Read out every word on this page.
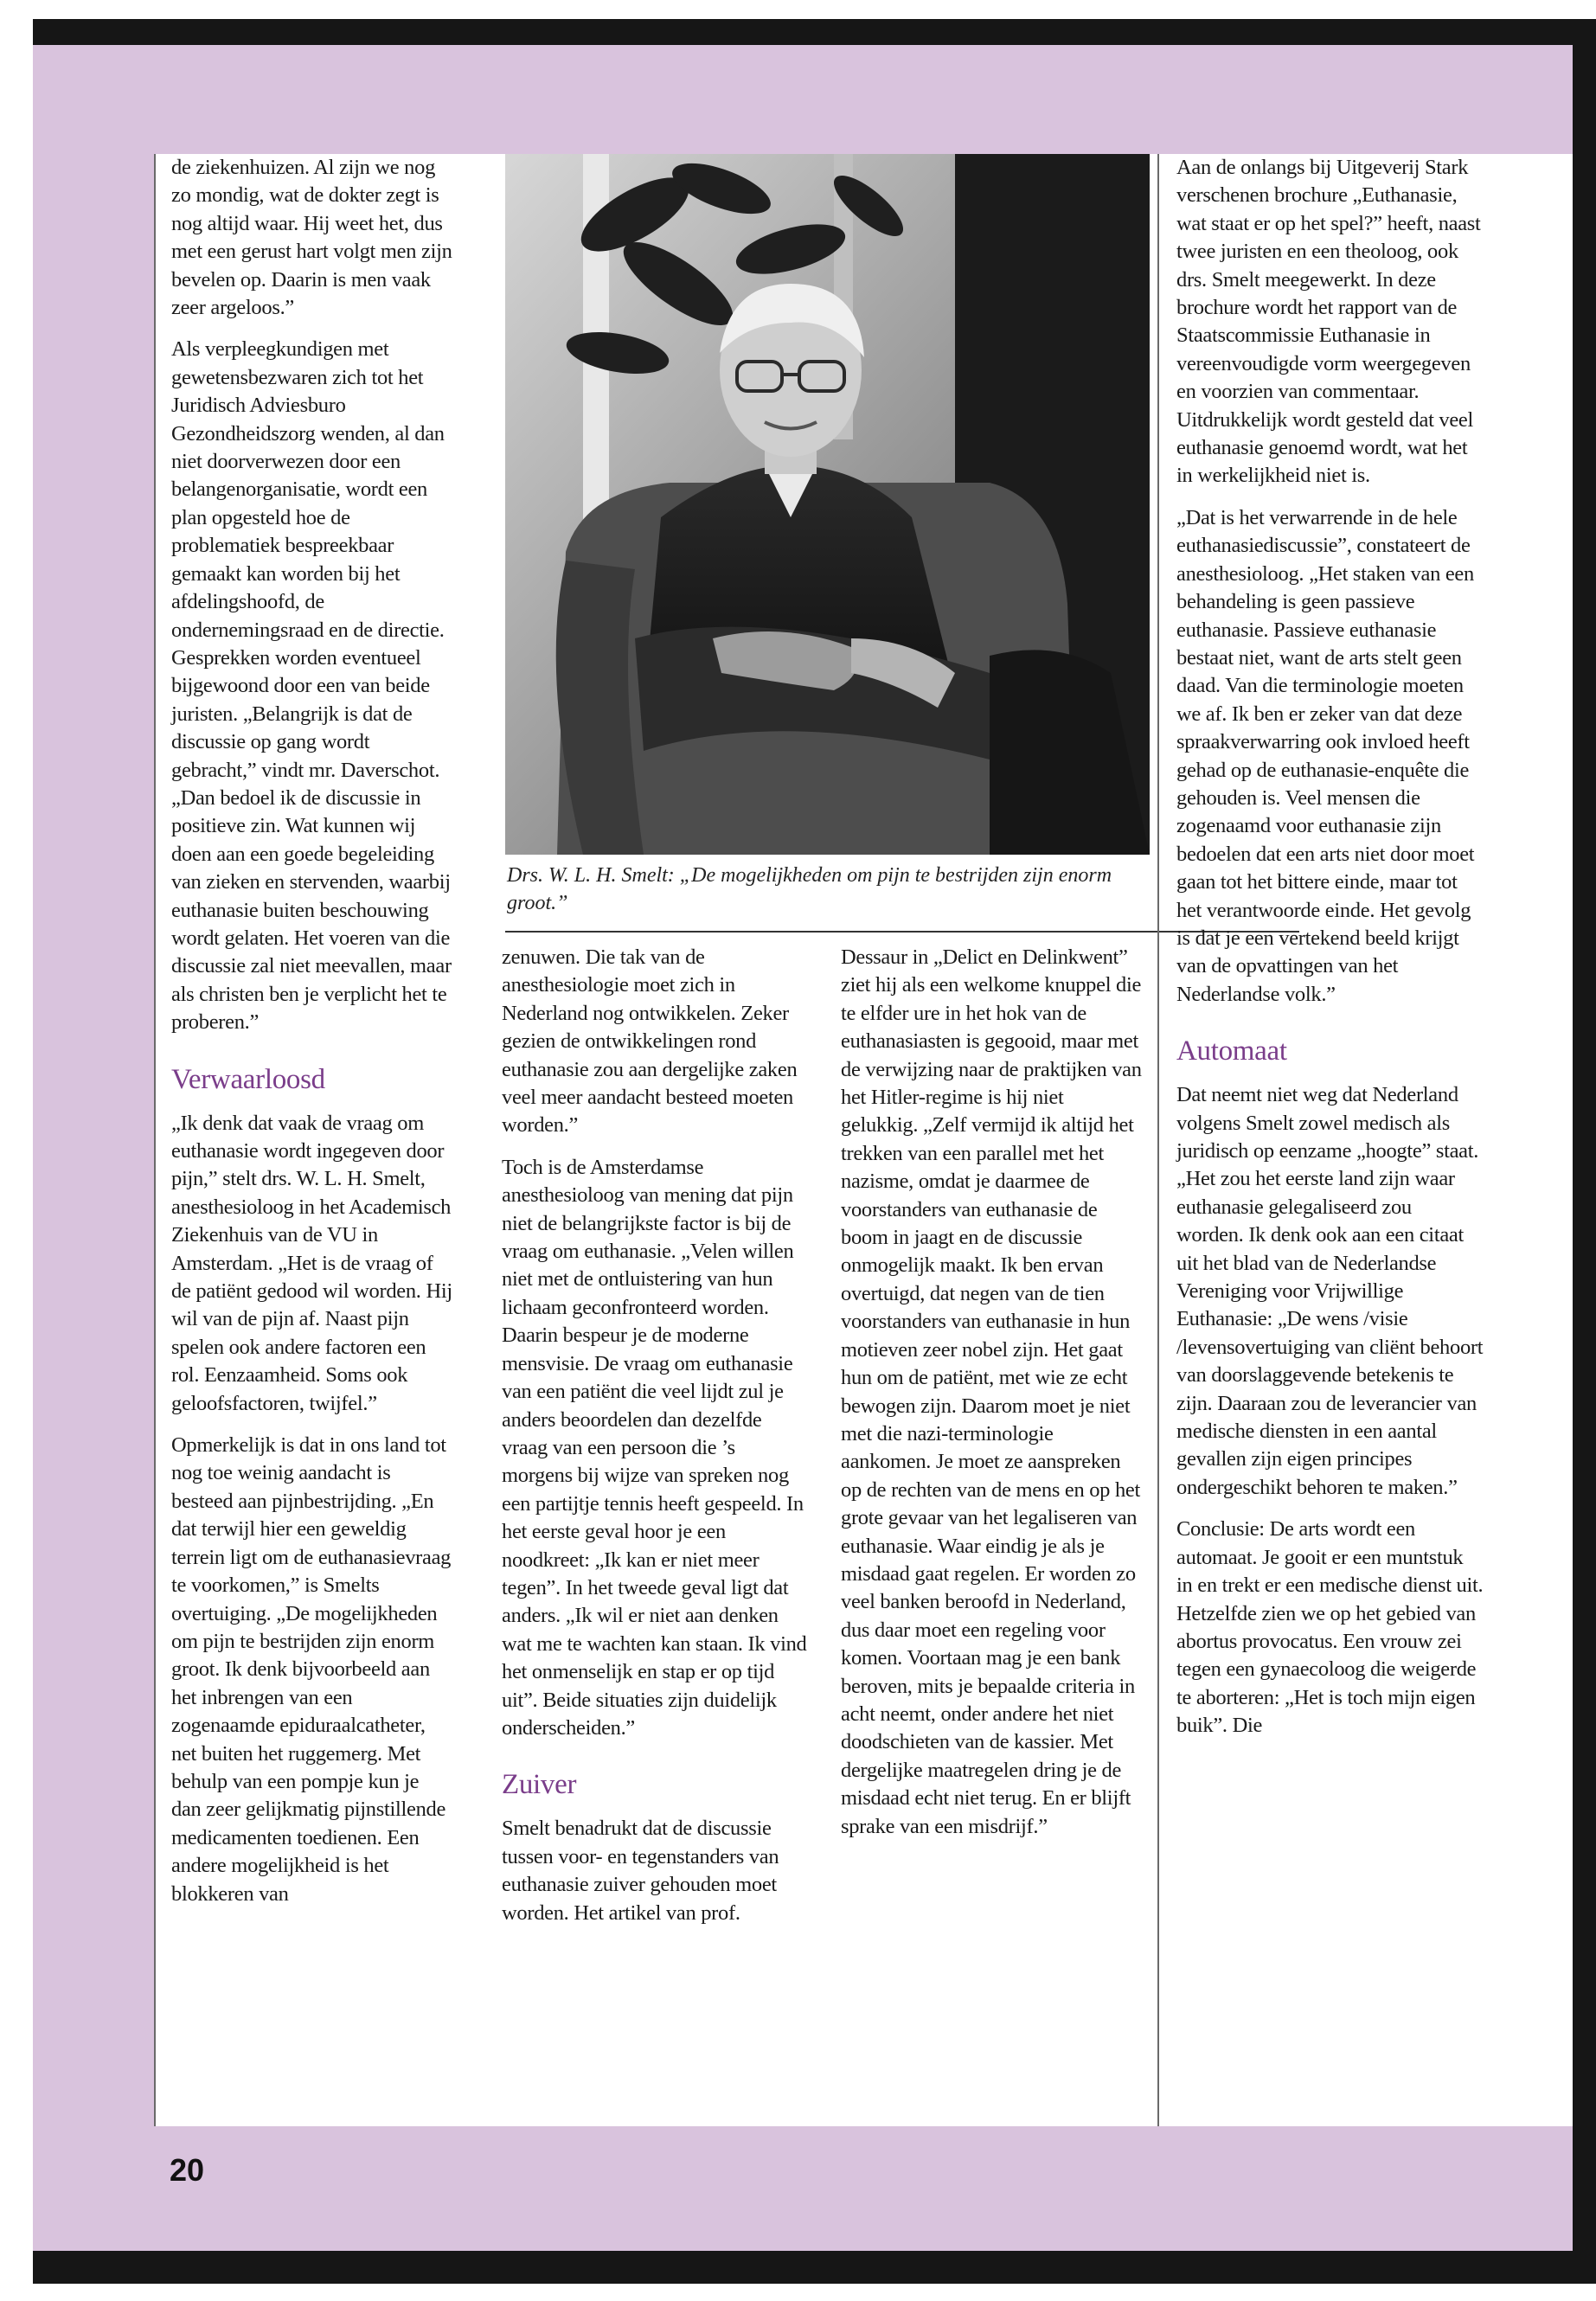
de ziekenhuizen. Al zijn we nog zo mondig, wat de dokter zegt is nog altijd waar. Hij weet het, dus met een gerust hart volgt men zijn bevelen op. Daarin is men vaak zeer argeloos.”

Als verpleegkundigen met gewetensbezwaren zich tot het Juridisch Adviesburo Gezondheidszorg wenden, al dan niet doorverwezen door een belangenorganisatie, wordt een plan opgesteld hoe de problematiek bespreekbaar gemaakt kan worden bij het afdelingshoofd, de ondernemingsraad en de directie. Gesprekken worden eventueel bijgewoond door een van beide juristen. „Belangrijk is dat de discussie op gang wordt gebracht,” vindt mr. Daverschot. „Dan bedoel ik de discussie in positieve zin. Wat kunnen wij doen aan een goede begeleiding van zieken en stervenden, waarbij euthanasie buiten beschouwing wordt gelaten. Het voeren van die discussie zal niet meevallen, maar als christen ben je verplicht het te proberen.”

Verwaarloosd

„Ik denk dat vaak de vraag om euthanasie wordt ingegeven door pijn,” stelt drs. W. L. H. Smelt, anesthesioloog in het Academisch Ziekenhuis van de VU in Amsterdam. „Het is de vraag of de patiënt gedood wil worden. Hij wil van de pijn af. Naast pijn spelen ook andere factoren een rol. Eenzaamheid. Soms ook geloofsfactoren, twijfel.”

Opmerkelijk is dat in ons land tot nog toe weinig aandacht is besteed aan pijnbestrijding. „En dat terwijl hier een geweldig terrein ligt om de euthanasievraag te voorkomen,” is Smelts overtuiging. „De mogelijkheden om pijn te bestrijden zijn enorm groot. Ik denk bijvoorbeeld aan het inbrengen van een zogenaamde epiduraalcatheter, net buiten het ruggemerg. Met behulp van een pompje kun je dan zeer gelijkmatig pijnstillende medicamenten toedienen. Een andere mogelijkheid is het blokkeren van

Drs. W. L. H. Smelt: „De mogelijkheden om pijn te bestrijden zijn enorm groot.”

zenuwen. Die tak van de anesthesiologie moet zich in Nederland nog ontwikkelen. Zeker gezien de ontwikkelingen rond euthanasie zou aan dergelijke zaken veel meer aandacht besteed moeten worden.”

Toch is de Amsterdamse anesthesioloog van mening dat pijn niet de belangrijkste factor is bij de vraag om euthanasie. „Velen willen niet met de ontluistering van hun lichaam geconfronteerd worden. Daarin bespeur je de moderne mensvisie. De vraag om euthanasie van een patiënt die veel lijdt zul je anders beoordelen dan dezelfde vraag van een persoon die ’s morgens bij wijze van spreken nog een partijtje tennis heeft gespeeld. In het eerste geval hoor je een noodkreet: „Ik kan er niet meer tegen”. In het tweede geval ligt dat anders. „Ik wil er niet aan denken wat me te wachten kan staan. Ik vind het onmenselijk en stap er op tijd uit”. Beide situaties zijn duidelijk onderscheiden.”

Zuiver

Smelt benadrukt dat de discussie tussen voor- en tegenstanders van euthanasie zuiver gehouden moet worden. Het artikel van prof.

Dessaur in „Delict en Delinkwent” ziet hij als een welkome knuppel die te elfder ure in het hok van de euthanasiasten is gegooid, maar met de verwijzing naar de praktijken van het Hitler-regime is hij niet gelukkig. „Zelf vermijd ik altijd het trekken van een parallel met het nazisme, omdat je daarmee de voorstanders van euthanasie de boom in jaagt en de discussie onmogelijk maakt. Ik ben ervan overtuigd, dat negen van de tien voorstanders van euthanasie in hun motieven zeer nobel zijn. Het gaat hun om de patiënt, met wie ze echt bewogen zijn. Daarom moet je niet met die nazi-terminologie aankomen. Je moet ze aanspreken op de rechten van de mens en op het grote gevaar van het legaliseren van euthanasie. Waar eindig je als je misdaad gaat regelen. Er worden zo veel banken beroofd in Nederland, dus daar moet een regeling voor komen. Voortaan mag je een bank beroven, mits je bepaalde criteria in acht neemt, onder andere het niet doodschieten van de kassier. Met dergelijke maatregelen dring je de misdaad echt niet terug. En er blijft sprake van een misdrijf.”

Aan de onlangs bij Uitgeverij Stark verschenen brochure „Euthanasie, wat staat er op het spel?” heeft, naast twee juristen en een theoloog, ook drs. Smelt meegewerkt. In deze brochure wordt het rapport van de Staatscommissie Euthanasie in vereenvoudigde vorm weergegeven en voorzien van commentaar. Uitdrukkelijk wordt gesteld dat veel euthanasie genoemd wordt, wat het in werkelijkheid niet is.

„Dat is het verwarrende in de hele euthanasiediscussie”, constateert de anesthesioloog. „Het staken van een behandeling is geen passieve euthanasie. Passieve euthanasie bestaat niet, want de arts stelt geen daad. Van die terminologie moeten we af. Ik ben er zeker van dat deze spraakverwarring ook invloed heeft gehad op de euthanasie-enquête die gehouden is. Veel mensen die zogenaamd voor euthanasie zijn bedoelen dat een arts niet door moet gaan tot het bittere einde, maar tot het verantwoorde einde. Het gevolg is dat je een vertekend beeld krijgt van de opvattingen van het Nederlandse volk.”

Automaat

Dat neemt niet weg dat Nederland volgens Smelt zowel medisch als juridisch op eenzame „hoogte” staat. „Het zou het eerste land zijn waar euthanasie gelegaliseerd zou worden. Ik denk ook aan een citaat uit het blad van de Nederlandse Vereniging voor Vrijwillige Euthanasie: „De wens /visie /levensovertuiging van cliënt behoort van doorslaggevende betekenis te zijn. Daaraan zou de leverancier van medische diensten in een aantal gevallen zijn eigen principes ondergeschikt behoren te maken.”

Conclusie: De arts wordt een automaat. Je gooit er een muntstuk in en trekt er een medische dienst uit. Hetzelfde zien we op het gebied van abortus provocatus. Een vrouw zei tegen een gynaecoloog die weigerde te aborteren: „Het is toch mijn eigen buik”. Die

20
